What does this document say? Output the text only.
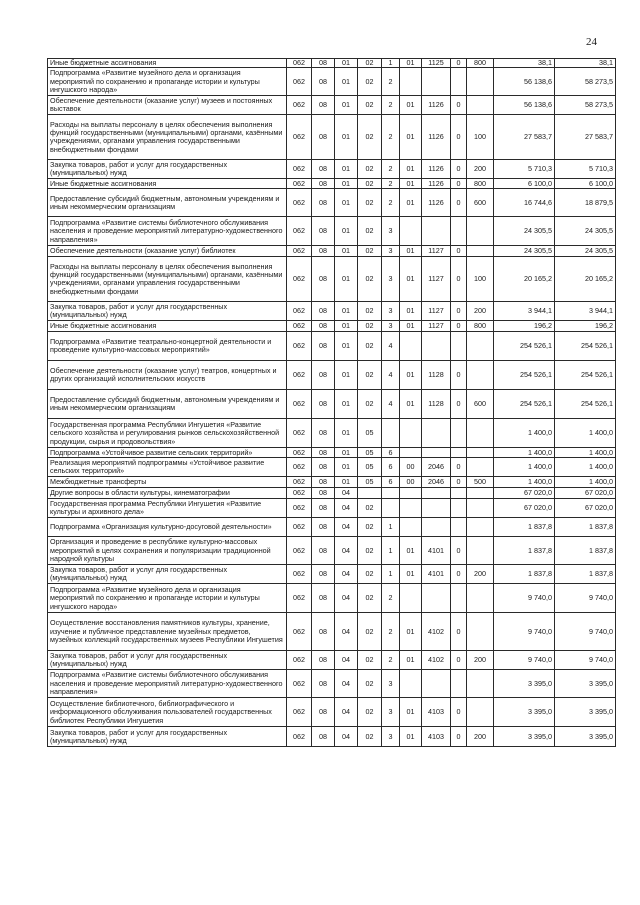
24
Иные бюджетные ассигнования	062	08	01	02	1	01	1125	0	800	38,1	38,1
Подпрограмма «Развитие музейного дела и организация мероприятий по сохранению и пропаганде истории и культуры ингушского народа»	062	08	01	02	2					56 138,6	58 273,5
Обеспечение деятельности (оказание услуг) музеев и постоянных выставок	062	08	01	02	2	01	1126	0		56 138,6	58 273,5
Расходы на выплаты персоналу в целях обеспечения выполнения функций государственными (муниципальными) органами, казёнными учреждениями, органами управления государственными внебюджетными фондами	062	08	01	02	2	01	1126	0	100	27 583,7	27 583,7
Закупка товаров, работ и услуг для государственных (муниципальных) нужд	062	08	01	02	2	01	1126	0	200	5 710,3	5 710,3
Иные бюджетные ассигнования	062	08	01	02	2	01	1126	0	800	6 100,0	6 100,0
Предоставление субсидий бюджетным, автономным учреждениям и иным некоммерческим организациям	062	08	01	02	2	01	1126	0	600	16 744,6	18 879,5
Подпрограмма «Развитие системы библиотечного обслуживания населения и проведение мероприятий литературно-художественного направления»	062	08	01	02	3					24 305,5	24 305,5
Обеспечение деятельности (оказание услуг) библиотек	062	08	01	02	3	01	1127	0		24 305,5	24 305,5
Расходы на выплаты персоналу в целях обеспечения выполнения функций государственными (муниципальными) органами, казёнными учреждениями, органами управления государственными внебюджетными фондами	062	08	01	02	3	01	1127	0	100	20 165,2	20 165,2
Закупка товаров, работ и услуг для государственных (муниципальных) нужд	062	08	01	02	3	01	1127	0	200	3 944,1	3 944,1
Иные бюджетные ассигнования	062	08	01	02	3	01	1127	0	800	196,2	196,2
Подпрограмма «Развитие театрально-концертной деятельности и проведение культурно-массовых мероприятий»	062	08	01	02	4					254 526,1	254 526,1
Обеспечение деятельности (оказание услуг) театров, концертных и других организаций исполнительских искусств	062	08	01	02	4	01	1128	0		254 526,1	254 526,1
Предоставление субсидий бюджетным, автономным учреждениям и иным некоммерческим организациям	062	08	01	02	4	01	1128	0	600	254 526,1	254 526,1
Государственная программа Республики Ингушетия «Развитие сельского хозяйства и регулирования рынков сельскохозяйственной продукции, сырья и продовольствия»	062	08	01	05						1 400,0	1 400,0
Подпрограмма «Устойчивое развитие сельских территорий»	062	08	01	05	6					1 400,0	1 400,0
Реализация мероприятий подпрограммы «Устойчивое развитие сельских территорий»	062	08	01	05	6	00	2046	0		1 400,0	1 400,0
Межбюджетные трансферты	062	08	01	05	6	00	2046	0	500	1 400,0	1 400,0
Другие вопросы в области культуры, кинематографии	062	08	04							67 020,0	67 020,0
Государственная программа Республики Ингушетия «Развитие культуры и архивного дела»	062	08	04	02						67 020,0	67 020,0
Подпрограмма «Организация культурно-досуговой деятельности»	062	08	04	02	1					1 837,8	1 837,8
Организация и проведение в республике культурно-массовых мероприятий в целях сохранения и популяризации традиционной народной культуры	062	08	04	02	1	01	4101	0		1 837,8	1 837,8
Закупка товаров, работ и услуг для государственных (муниципальных) нужд	062	08	04	02	1	01	4101	0	200	1 837,8	1 837,8
Подпрограмма «Развитие музейного дела и организация мероприятий по сохранению и пропаганде истории и культуры ингушского народа»	062	08	04	02	2					9 740,0	9 740,0
Осуществление восстановления памятников культуры, хранение, изучение и публичное представление музейных предметов, музейных коллекций государственных музеев Республики Ингушетия	062	08	04	02	2	01	4102	0		9 740,0	9 740,0
Закупка товаров, работ и услуг для государственных (муниципальных) нужд	062	08	04	02	2	01	4102	0	200	9 740,0	9 740,0
Подпрограмма «Развитие системы библиотечного обслуживания населения и проведение мероприятий литературно-художественного направления»	062	08	04	02	3					3 395,0	3 395,0
Осуществление библиотечного, библиографического и информационного обслуживания пользователей государственных библиотек Республики Ингушетия	062	08	04	02	3	01	4103	0		3 395,0	3 395,0
Закупка товаров, работ и услуг для государственных (муниципальных) нужд	062	08	04	02	3	01	4103	0	200	3 395,0	3 395,0
